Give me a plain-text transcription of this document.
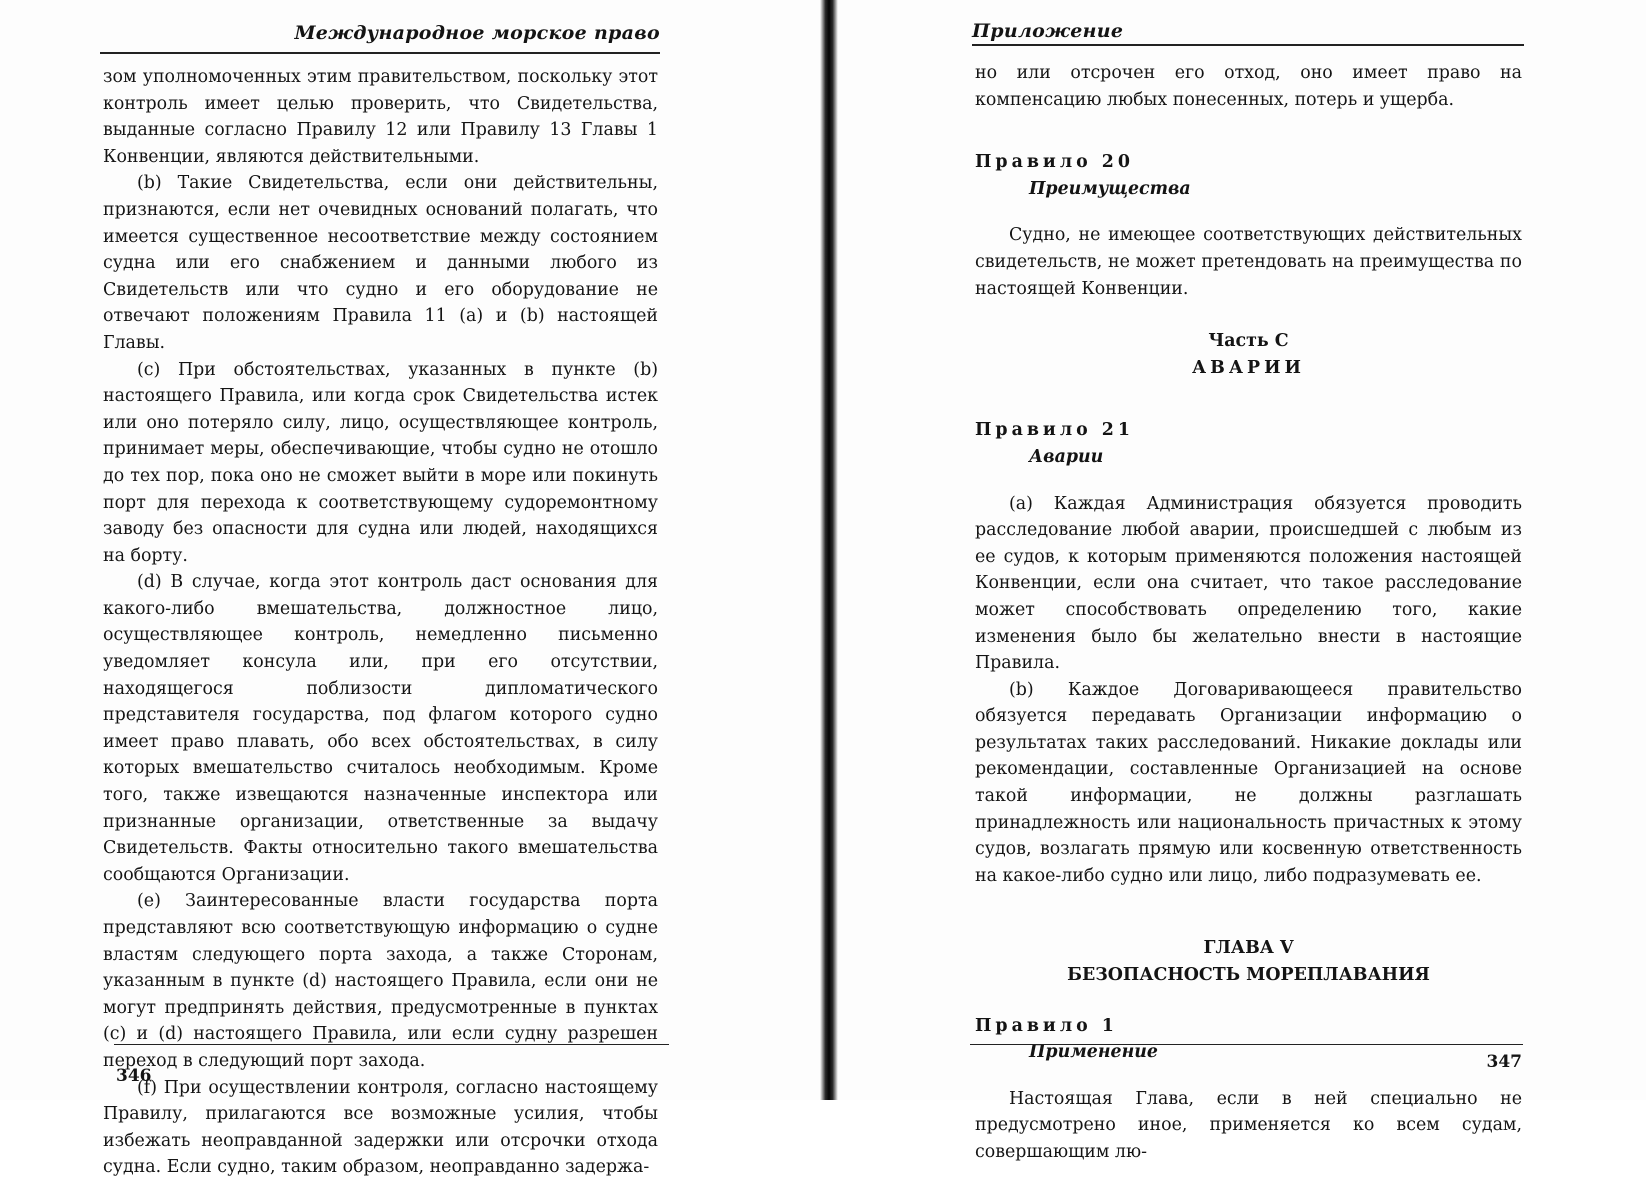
Международное морское право

зом уполномоченных этим правительством, поскольку этот контроль имеет целью проверить, что Свидетельства, выданные согласно Правилу 12 или Правилу 13 Главы 1 Конвенции, являются действительными.

(b) Такие Свидетельства, если они действительны, признаются, если нет очевидных оснований полагать, что имеется существенное несоответствие между состоянием судна или его снабжением и данными любого из Свидетельств или что судно и его оборудование не отвечают положениям Правила 11 (а) и (b) настоящей Главы.

(c) При обстоятельствах, указанных в пункте (b) настоящего Правила, или когда срок Свидетельства истек или оно потеряло силу, лицо, осуществляющее контроль, принимает меры, обеспечивающие, чтобы судно не отошло до тех пор, пока оно не сможет выйти в море или покинуть порт для перехода к соответствующему судоремонтному заводу без опасности для судна или людей, находящихся на борту.

(d) В случае, когда этот контроль даст основания для какого-либо вмешательства, должностное лицо, осуществляющее контроль, немедленно письменно уведомляет консула или, при его отсутствии, находящегося поблизости дипломатического представителя государства, под флагом которого судно имеет право плавать, обо всех обстоятельствах, в силу которых вмешательство считалось необходимым. Кроме того, также извещаются назначенные инспектора или признанные организации, ответственные за выдачу Свидетельств. Факты относительно такого вмешательства сообщаются Организации.

(e) Заинтересованные власти государства порта представляют всю соответствующую информацию о судне властям следующего порта захода, а также Сторонам, указанным в пункте (d) настоящего Правила, если они не могут предпринять действия, предусмотренные в пунктах (c) и (d) настоящего Правила, или если судну разрешен переход в следующий порт захода.

(f) При осуществлении контроля, согласно настоящему Правилу, прилагаются все возможные усилия, чтобы избежать неоправданной задержки или отсрочки отхода судна. Если судно, таким образом, неоправданно задержа-

346
Приложение

но или отсрочен его отход, оно имеет право на компенсацию любых понесенных, потерь и ущерба.

Правило 20
Преимущества

Судно, не имеющее соответствующих действительных свидетельств, не может претендовать на преимущества по настоящей Конвенции.

Часть С
АВАРИИ
Правило 21
Аварии

(a) Каждая Администрация обязуется проводить расследование любой аварии, происшедшей с любым из ее судов, к которым применяются положения настоящей Конвенции, если она считает, что такое расследование может способствовать определению того, какие изменения было бы желательно внести в настоящие Правила.

(b) Каждое Договаривающееся правительство обязуется передавать Организации информацию о результатах таких расследований. Никакие доклады или рекомендации, составленные Организацией на основе такой информации, не должны разглашать принадлежность или национальность причастных к этому судов, возлагать прямую или косвенную ответственность на какое-либо судно или лицо, либо подразумевать ее.

ГЛАВА V
БЕЗОПАСНОСТЬ МОРЕПЛАВАНИЯ
Правило 1
Применение

Настоящая Глава, если в ней специально не предусмотрено иное, применяется ко всем судам, совершающим лю-

347
